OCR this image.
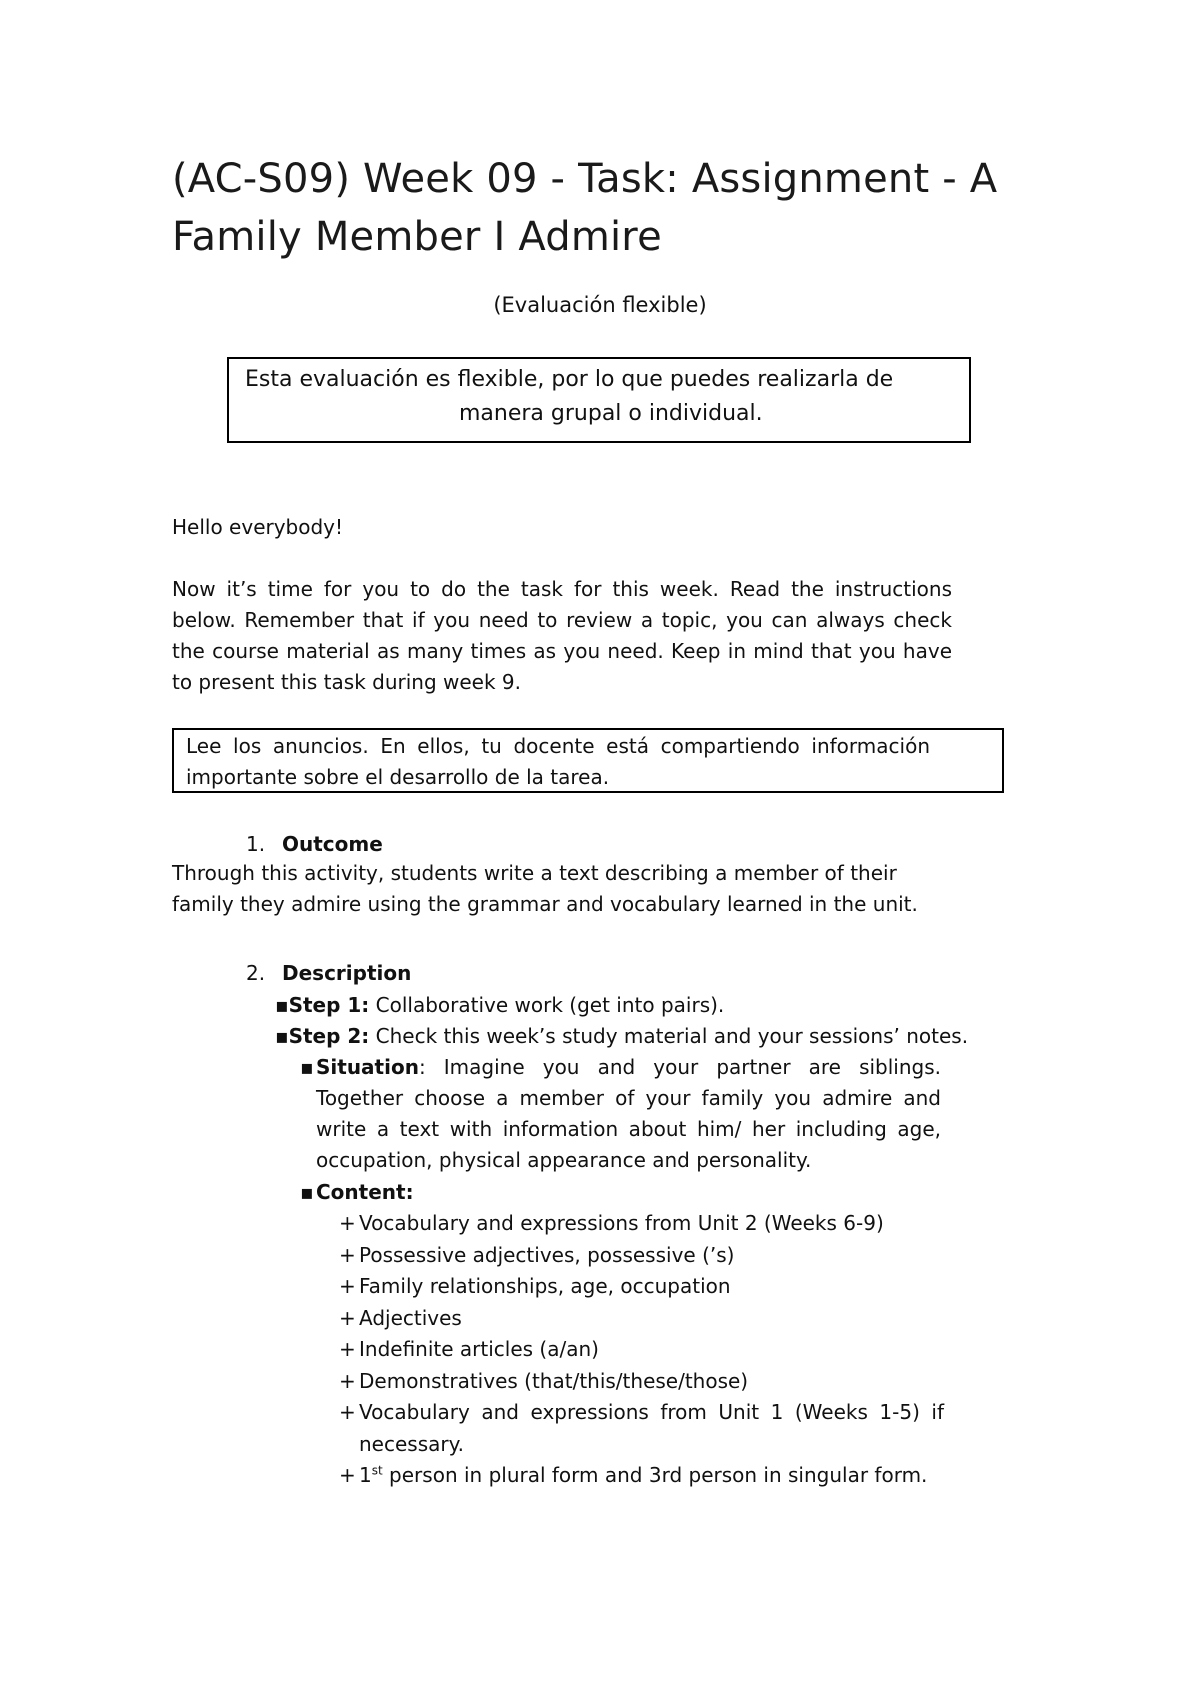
(AC-S09) Week 09 - Task: Assignment - A Family Member I Admire
(Evaluación flexible)
Esta evaluación es flexible, por lo que puedes realizarla de
manera grupal o individual.
Hello everybody!
Now it’s time for you to do the task for this week. Read the instructions below. Remember that if you need to review a topic, you can always check the course material as many times as you need. Keep in mind that you have to present this task during week 9.
Lee los anuncios. En ellos, tu docente está compartiendo información importante sobre el desarrollo de la tarea.
1. Outcome
Through this activity, students write a text describing a member of their family they admire using the grammar and vocabulary learned in the unit.
2. Description
▪Step 1: Collaborative work (get into pairs).
▪Step 2: Check this week’s study material and your sessions’ notes.
▪ Situation: Imagine you and your partner are siblings. Together choose a member of your family you admire and write a text with information about him/ her including age, occupation, physical appearance and personality.
▪ Content:
+ Vocabulary and expressions from Unit 2 (Weeks 6-9)
+ Possessive adjectives, possessive (’s)
+ Family relationships, age, occupation
+ Adjectives
+ Indefinite articles (a/an)
+ Demonstratives (that/this/these/those)
+ Vocabulary and expressions from Unit 1 (Weeks 1-5) if necessary.
+ 1st person in plural form and 3rd person in singular form.
